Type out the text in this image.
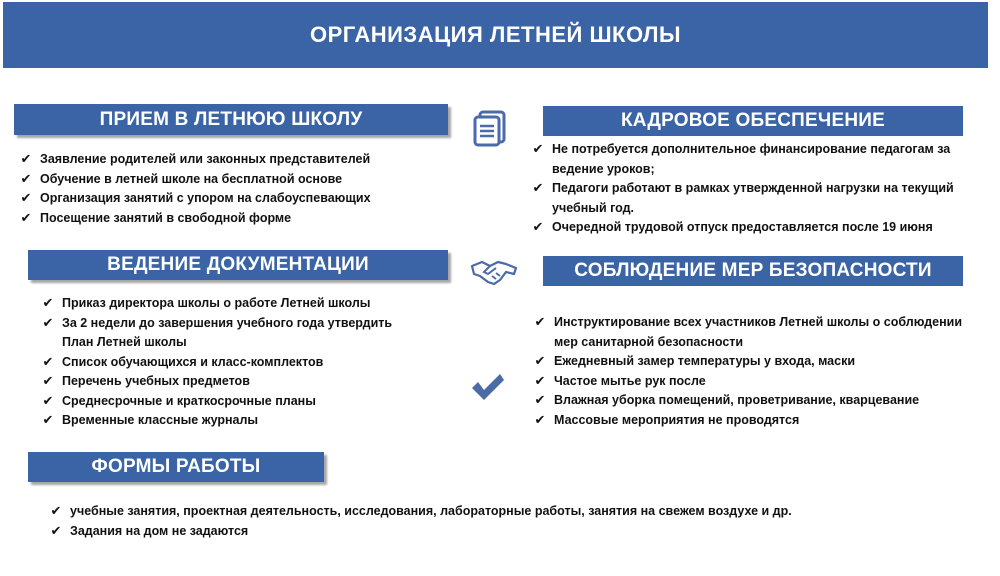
ОРГАНИЗАЦИЯ ЛЕТНЕЙ ШКОЛЫ
ПРИЕМ В ЛЕТНЮЮ ШКОЛУ
✔ Заявление родителей или законных представителей
✔ Обучение в летней школе на бесплатной основе
✔ Организация занятий с упором на слабоуспевающих
✔ Посещение занятий в свободной форме
КАДРОВОЕ ОБЕСПЕЧЕНИЕ
✔ Не потребуется дополнительное финансирование педагогам за ведение уроков;
✔ Педагоги работают в рамках утвержденной нагрузки на текущий учебный год.
✔ Очередной трудовой отпуск предоставляется после 19 июня
ВЕДЕНИЕ ДОКУМЕНТАЦИИ
✔ Приказ директора школы о работе Летней школы
✔ За 2 недели до завершения учебного года утвердить План Летней школы
✔ Список обучающихся и класс-комплектов
✔ Перечень учебных предметов
✔ Среднесрочные и краткосрочные планы
✔ Временные классные журналы
СОБЛЮДЕНИЕ МЕР БЕЗОПАСНОСТИ
✔ Инструктирование всех участников Летней школы о соблюдении мер санитарной безопасности
✔ Ежедневный замер температуры у входа, маски
✔ Частое мытье рук после
✔ Влажная уборка помещений, проветривание, кварцевание
✔ Массовые мероприятия не проводятся
ФОРМЫ РАБОТЫ
✔ учебные занятия, проектная деятельность, исследования, лабораторные работы, занятия на свежем воздухе и др.
✔ Задания на дом не задаются
